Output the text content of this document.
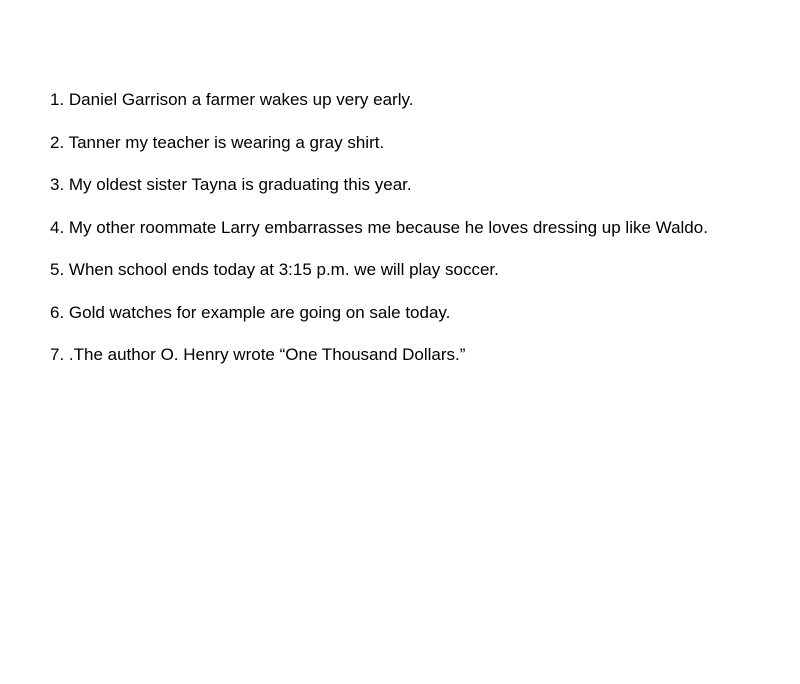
1. Daniel Garrison a farmer wakes up very early.
2. Tanner my teacher is wearing a gray shirt.
3. My oldest sister Tayna is graduating this year.
4. My other roommate Larry embarrasses me because he loves dressing up like Waldo.
5. When school ends today at 3:15 p.m. we will play soccer.
6. Gold watches for example are going on sale today.
7. .The author O. Henry wrote “One Thousand Dollars.”
